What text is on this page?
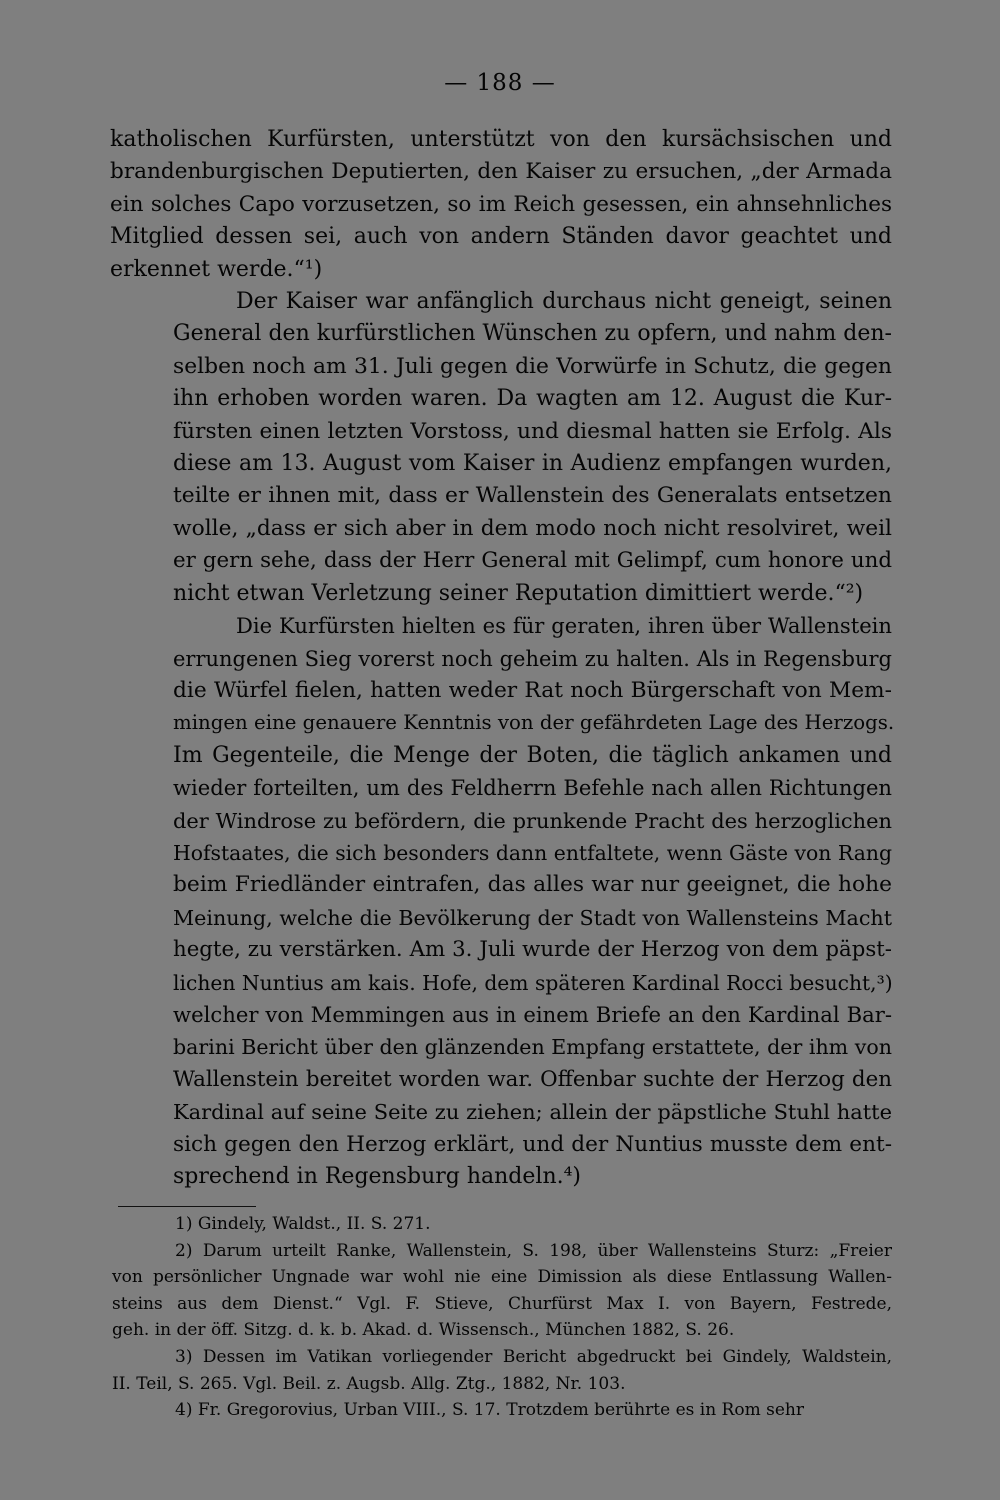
— 188 —
katholischen Kurfürsten, unterstützt von den kursächsischen und
brandenburgischen Deputierten, den Kaiser zu ersuchen, „der Armada
ein solches Capo vorzusetzen, so im Reich gesessen, ein ahnsehnliches
Mitglied dessen sei, auch von andern Ständen davor geachtet und
erkennet werde.“¹)
Der Kaiser war anfänglich durchaus nicht geneigt, seinen
General den kurfürstlichen Wünschen zu opfern, und nahm den-
selben noch am 31. Juli gegen die Vorwürfe in Schutz, die gegen
ihn erhoben worden waren. Da wagten am 12. August die Kur-
fürsten einen letzten Vorstoss, und diesmal hatten sie Erfolg. Als
diese am 13. August vom Kaiser in Audienz empfangen wurden,
teilte er ihnen mit, dass er Wallenstein des Generalats entsetzen
wolle, „dass er sich aber in dem modo noch nicht resolviret, weil
er gern sehe, dass der Herr General mit Gelimpf, cum honore und
nicht etwan Verletzung seiner Reputation dimittiert werde.“²)
Die Kurfürsten hielten es für geraten, ihren über Wallenstein
errungenen Sieg vorerst noch geheim zu halten. Als in Regensburg
die Würfel fielen, hatten weder Rat noch Bürgerschaft von Mem-
mingen eine genauere Kenntnis von der gefährdeten Lage des Herzogs.
Im Gegenteile, die Menge der Boten, die täglich ankamen und
wieder forteilten, um des Feldherrn Befehle nach allen Richtungen
der Windrose zu befördern, die prunkende Pracht des herzoglichen
Hofstaates, die sich besonders dann entfaltete, wenn Gäste von Rang
beim Friedländer eintrafen, das alles war nur geeignet, die hohe
Meinung, welche die Bevölkerung der Stadt von Wallensteins Macht
hegte, zu verstärken. Am 3. Juli wurde der Herzog von dem päpst-
lichen Nuntius am kais. Hofe, dem späteren Kardinal Rocci besucht,³)
welcher von Memmingen aus in einem Briefe an den Kardinal Bar-
barini Bericht über den glänzenden Empfang erstattete, der ihm von
Wallenstein bereitet worden war. Offenbar suchte der Herzog den
Kardinal auf seine Seite zu ziehen; allein der päpstliche Stuhl hatte
sich gegen den Herzog erklärt, und der Nuntius musste dem ent-
sprechend in Regensburg handeln.⁴)
1) Gindely, Waldst., II. S. 271.
2) Darum urteilt Ranke, Wallenstein, S. 198, über Wallensteins Sturz: „Freier
von persönlicher Ungnade war wohl nie eine Dimission als diese Entlassung Wallen-
steins aus dem Dienst.“ Vgl. F. Stieve, Churfürst Max I. von Bayern, Festrede,
geh. in der öff. Sitzg. d. k. b. Akad. d. Wissensch., München 1882, S. 26.
3) Dessen im Vatikan vorliegender Bericht abgedruckt bei Gindely, Waldstein,
II. Teil, S. 265. Vgl. Beil. z. Augsb. Allg. Ztg., 1882, Nr. 103.
4) Fr. Gregorovius, Urban VIII., S. 17. Trotzdem berührte es in Rom sehr
